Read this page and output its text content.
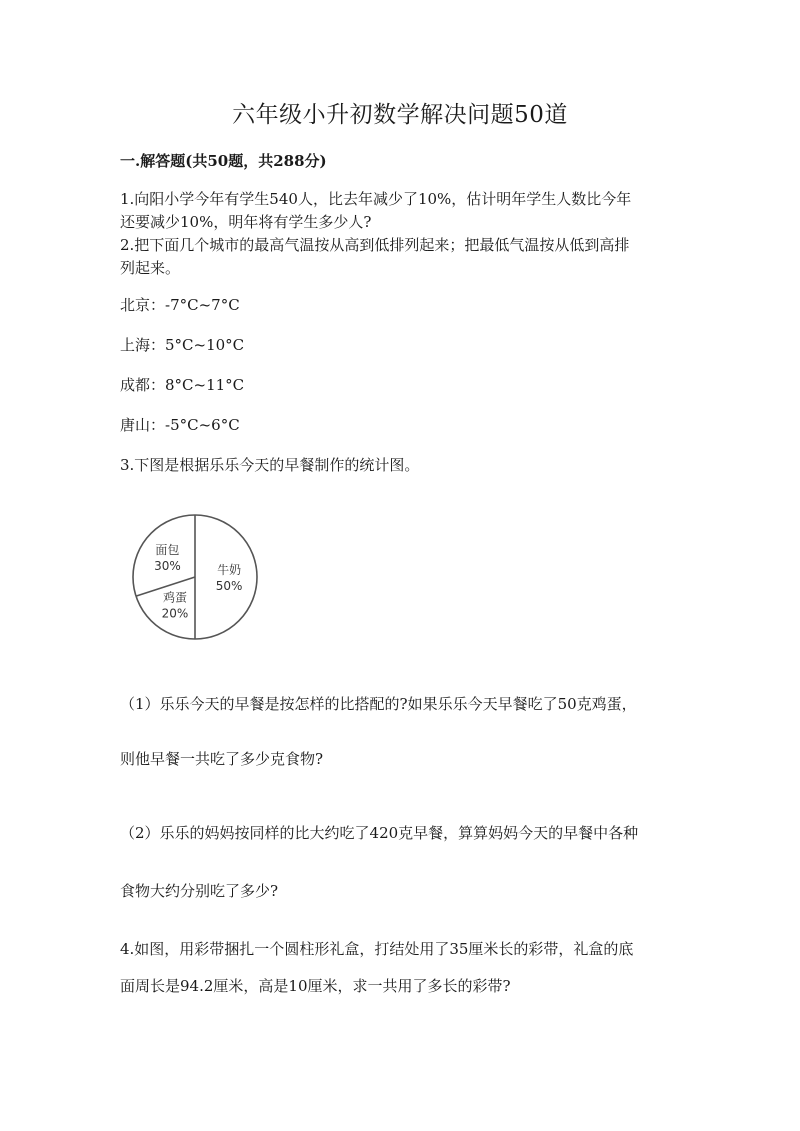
六年级小升初数学解决问题50道
一.解答题(共50题，共288分)
1.向阳小学今年有学生540人，比去年减少了10%，估计明年学生人数比今年
还要减少10%，明年将有学生多少人?
2.把下面几个城市的最高气温按从高到低排列起来；把最低气温按从低到高排
列起来。
北京：-7°C~7°C
上海：5°C~10°C
成都：8°C~11°C
唐山：-5°C~6°C
3.下图是根据乐乐今天的早餐制作的统计图。
牛奶
50%
鸡蛋
20%
面包
30%
（1）乐乐今天的早餐是按怎样的比搭配的?如果乐乐今天早餐吃了50克鸡蛋，
则他早餐一共吃了多少克食物?
（2）乐乐的妈妈按同样的比大约吃了420克早餐，算算妈妈今天的早餐中各种
食物大约分别吃了多少?
4.如图，用彩带捆扎一个圆柱形礼盒，打结处用了35厘米长的彩带，礼盒的底
面周长是94.2厘米，高是10厘米，求一共用了多长的彩带?
